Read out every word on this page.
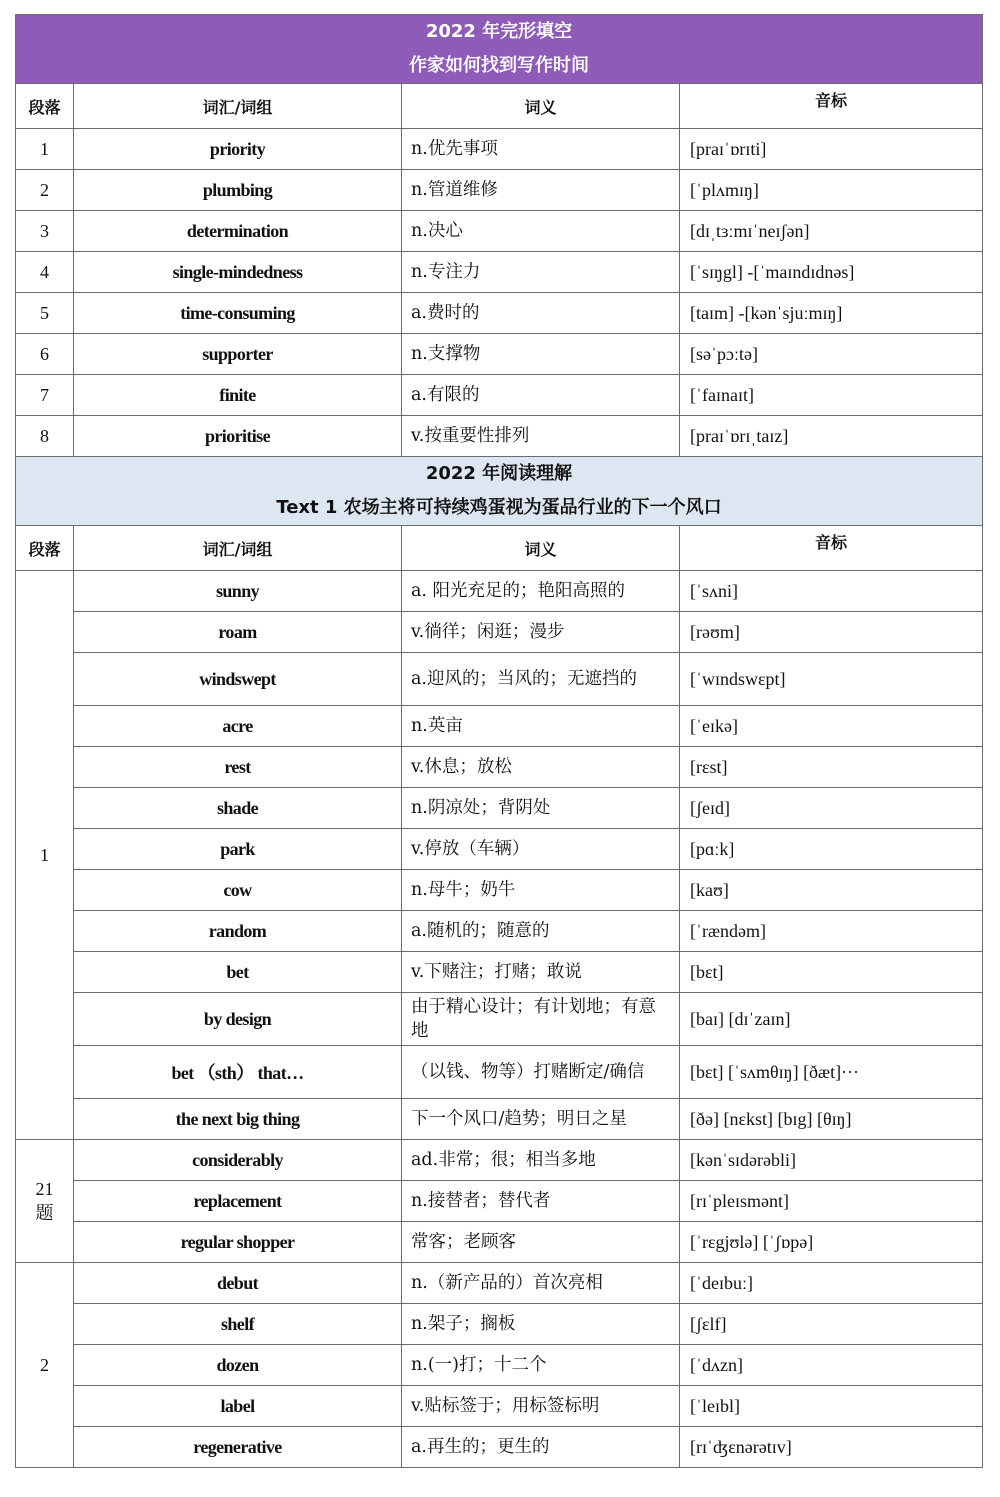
2022 年完形填空
作家如何找到写作时间			

段落	词汇/词组	词义	音标
1	priority	n.优先事项	[praɪˈɒrɪti]
2	plumbing	n.管道维修	[ˈplʌmɪŋ]
3	determination	n.决心	[dɪˌtɜːmɪˈneɪʃən]
4	single-mindedness	n.专注力	[ˈsɪŋgl] -[ˈmaɪndɪdnəs]
5	time-consuming	a.费时的	[taɪm] -[kənˈsjuːmɪŋ]
6	supporter	n.支撑物	[səˈpɔːtə]
7	finite	a.有限的	[ˈfaɪnaɪt]
8	prioritise	v.按重要性排列	[praɪˈɒrɪˌtaɪz]

2022 年阅读理解
Text 1 农场主将可持续鸡蛋视为蛋品行业的下一个风口			

段落	词汇/词组	词义	音标
1	sunny	a. 阳光充足的；艳阳高照的	[ˈsʌni]
	roam	v.徜徉；闲逛；漫步	[rəʊm]
	windswept	a.迎风的；当风的；无遮挡的	[ˈwɪndswɛpt]
	acre	n.英亩	[ˈeɪkə]
	rest	v.休息；放松	[rɛst]
	shade	n.阴凉处；背阴处	[ʃeɪd]
	park	v.停放（车辆）	[pɑːk]
	cow	n.母牛；奶牛	[kaʊ]
	random	a.随机的；随意的	[ˈrændəm]
	bet	v.下赌注；打赌；敢说	[bɛt]
	by design	由于精心设计；有计划地；有意地	[baɪ] [dɪˈzaɪn]
	bet （sth） that…	（以钱、物等）打赌断定/确信	[bɛt] [ˈsʌmθɪŋ] [ðæt]···
	the next big thing	下一个风口/趋势；明日之星	[ðə] [nɛkst] [bɪg] [θɪŋ]
21
题	considerably	ad.非常；很；相当多地	[kənˈsɪdərəbli]
	replacement	n.接替者；替代者	[rɪˈpleɪsmənt]
	regular shopper	常客；老顾客	[ˈrɛgjʊlə] [ˈʃɒpə]
2	debut	n.（新产品的）首次亮相	[ˈdeɪbuː]
	shelf	n.架子；搁板	[ʃɛlf]
	dozen	n.(一)打；十二个	[ˈdʌzn]
	label	v.贴标签于；用标签标明	[ˈleɪbl]
	regenerative	a.再生的；更生的	[rɪˈʤɛnərətɪv]
